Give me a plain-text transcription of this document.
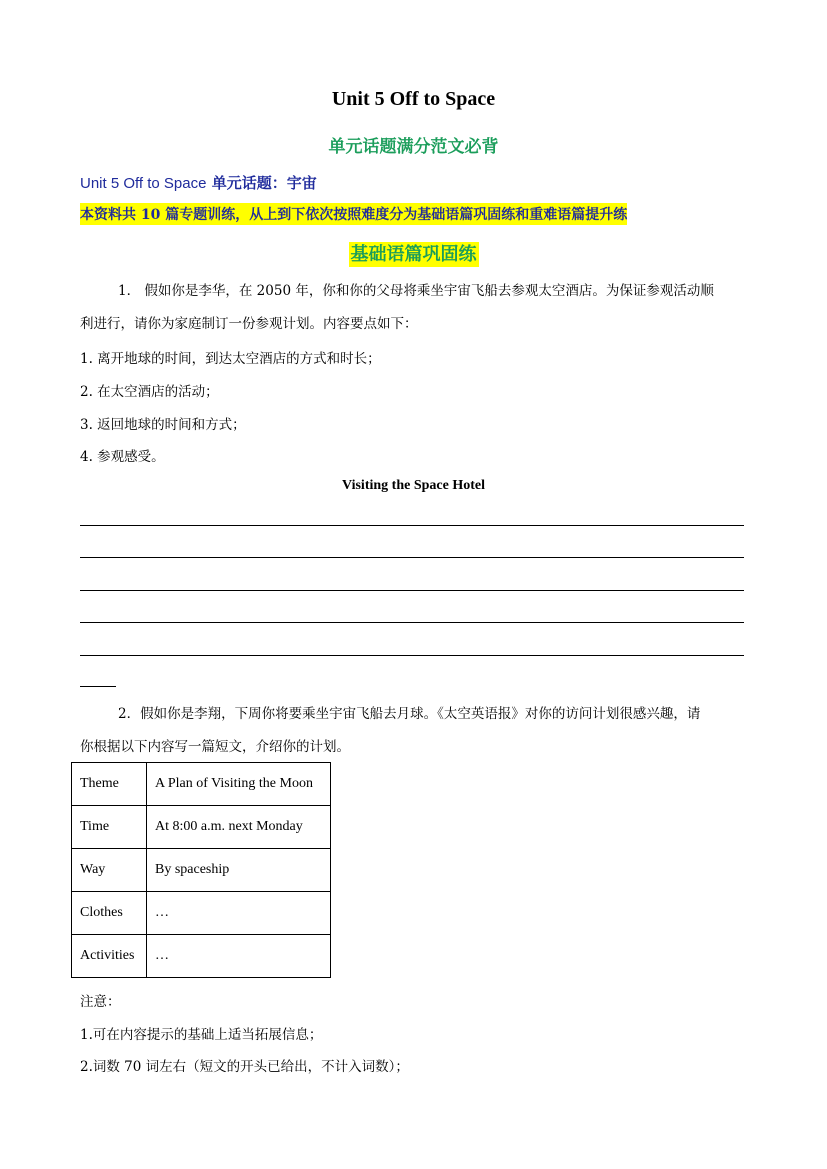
Unit 5 Off to Space
单元话题满分范文必背
Unit 5 Off to Space 单元话题：宇宙
本资料共 10 篇专题训练，从上到下依次按照难度分为基础语篇巩固练和重难语篇提升练
基础语篇巩固练
1． 假如你是李华，在 2050 年，你和你的父母将乘坐宇宙飞船去参观太空酒店。为保证参观活动顺
利进行，请你为家庭制订一份参观计划。内容要点如下：
1. 离开地球的时间，到达太空酒店的方式和时长；
2. 在太空酒店的活动；
3. 返回地球的时间和方式；
4. 参观感受。
Visiting the Space Hotel
2．假如你是李翔，下周你将要乘坐宇宙飞船去月球。《太空英语报》对你的访问计划很感兴趣，请
你根据以下内容写一篇短文，介绍你的计划。
Theme	A Plan of Visiting the Moon
Time	At 8:00 a.m. next Monday
Way	By spaceship
Clothes	…
Activities	…
注意：
1.可在内容提示的基础上适当拓展信息；
2.词数 70 词左右（短文的开头已给出，不计入词数）；
